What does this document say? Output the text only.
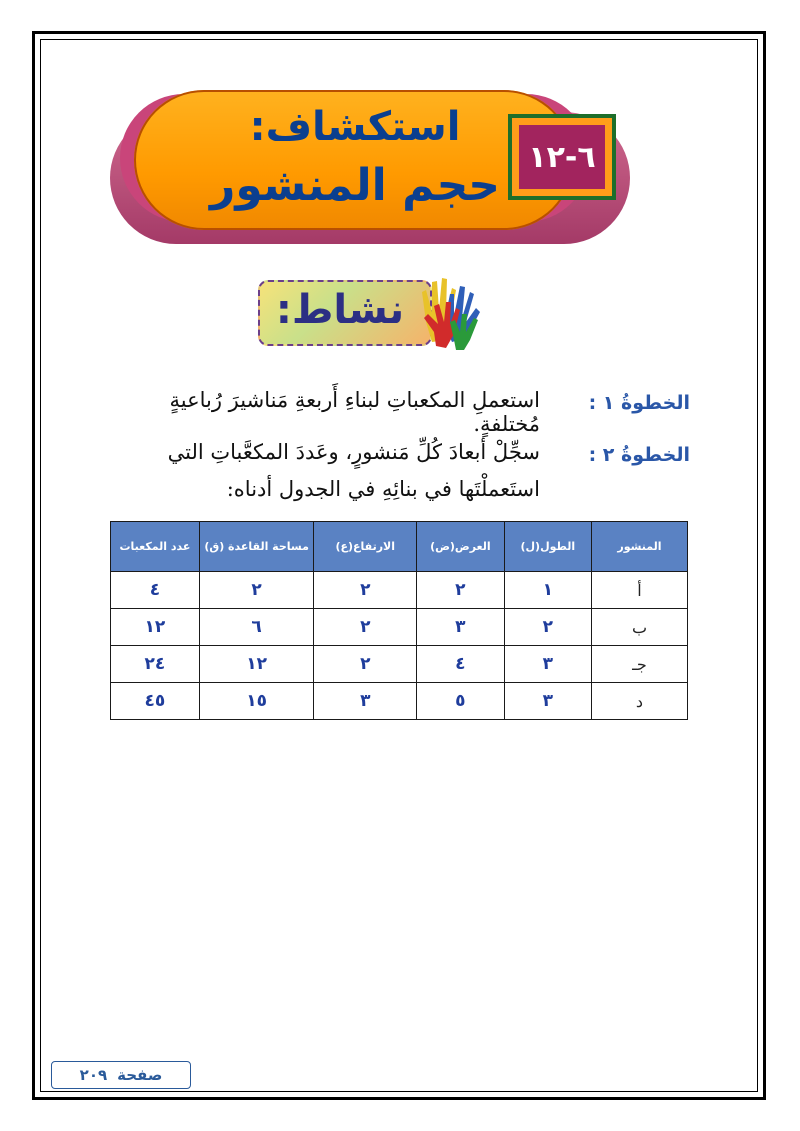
استكشاف:
حجم المنشور
٦-١٢
نشاط:
الخطوةُ ١ :
استعملِ المكعباتِ لبناءِ أَربعةِ مَناشيرَ رُباعيةٍ مُختلفةٍ.
الخطوةُ ٢ :
سجِّلْ أبعادَ كُلِّ مَنشورٍ، وعَددَ المكعَّباتِ التي
استَعملْتَها في بنائِهِ في الجدول أدناه:
المنشور	الطول(ل)	العرض(ض)	الارتفاع(ع)	مساحة القاعدة (ق)	عدد المكعبات
أ	١	٢	٢	٢	٤
ب	٢	٣	٢	٦	١٢
جـ	٣	٤	٢	١٢	٢٤
د	٣	٥	٣	١٥	٤٥
صفحة
٢٠٩
